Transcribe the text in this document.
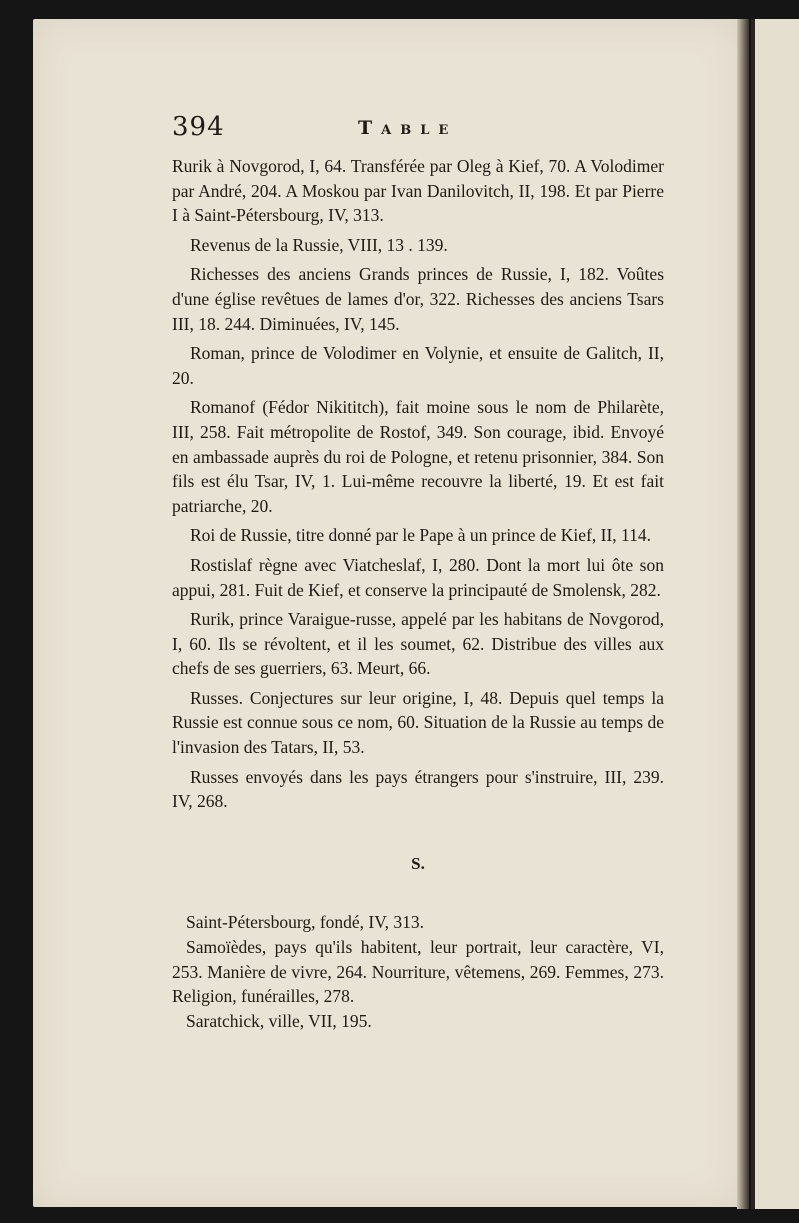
394	Table

Rurik à Novgorod, I, 64. Transférée par Oleg à Kief, 70. A Volodimer par André, 204. A Moskou par Ivan Danilovitch, II, 198. Et par Pierre I à Saint-Pétersbourg, IV, 313.

Revenus de la Russie, VIII, 13 . 139.

Richesses des anciens Grands princes de Russie, I, 182. Voûtes d'une église revêtues de lames d'or, 322. Richesses des anciens Tsars III, 18. 244. Diminuées, IV, 145.

Roman, prince de Volodimer en Volynie, et ensuite de Galitch, II, 20.

Romanof (Fédor Nikititch), fait moine sous le nom de Philarète, III, 258. Fait métropolite de Rostof, 349. Son courage, ibid. Envoyé en ambassade auprès du roi de Pologne, et retenu prisonnier, 384. Son fils est élu Tsar, IV, 1. Lui-même recouvre la liberté, 19. Et est fait patriarche, 20.

Roi de Russie, titre donné par le Pape à un prince de Kief, II, 114.

Rostislaf règne avec Viatcheslaf, I, 280. Dont la mort lui ôte son appui, 281. Fuit de Kief, et conserve la principauté de Smolensk, 282.

Rurik, prince Varaigue-russe, appelé par les habitans de Novgorod, I, 60. Ils se révoltent, et il les soumet, 62. Distribue des villes aux chefs de ses guerriers, 63. Meurt, 66.

Russes. Conjectures sur leur origine, I, 48. Depuis quel temps la Russie est connue sous ce nom, 60. Situation de la Russie au temps de l'invasion des Tatars, II, 53.

Russes envoyés dans les pays étrangers pour s'instruire, III, 239. IV, 268.

S.

Saint-Pétersbourg, fondé, IV, 313.

Samoïèdes, pays qu'ils habitent, leur portrait, leur caractère, VI, 253. Manière de vivre, 264. Nourriture, vêtemens, 269. Femmes, 273. Religion, funérailles, 278.

Saratchick, ville, VII, 195.
